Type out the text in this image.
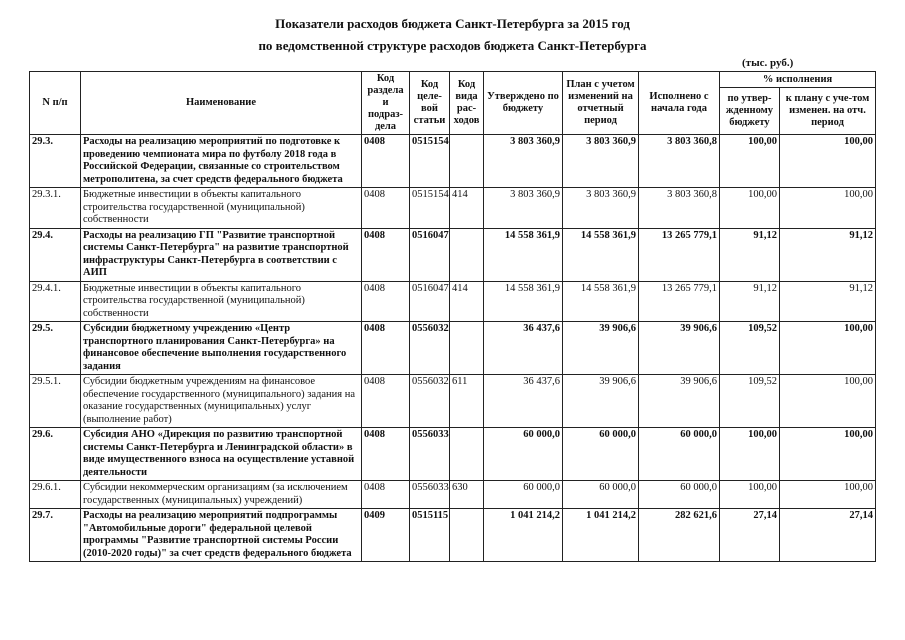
Показатели расходов бюджета Санкт-Петербурга за 2015 год
по ведомственной структуре расходов бюджета Санкт-Петербурга
(тыс. руб.)
N п/п	Наименование	Код раздела и подраз-дела	Код целе-вой статьи	Код вида рас-ходов	Утверждено по бюджету	План с учетом изменений на отчетный период	Исполнено с начала года	% исполнения	
								по утвер-жденному бюджету	к плану с уче-том изменен. на отч. период
29.3.	Расходы на реализацию мероприятий по подготовке к проведению чемпионата мира по футболу 2018 года в Российской Федерации, связанные со строительством метрополитена, за счет средств федерального бюджета	0408	0515154		3 803 360,9	3 803 360,9	3 803 360,8	100,00	100,00
29.3.1.	Бюджетные инвестиции в объекты капитального строительства государственной (муниципальной) собственности	0408	0515154	414	3 803 360,9	3 803 360,9	3 803 360,8	100,00	100,00
29.4.	Расходы на реализацию ГП "Развитие транспортной системы Санкт-Петербурга" на развитие транспортной инфраструктуры Санкт-Петербурга в соответствии с АИП	0408	0516047		14 558 361,9	14 558 361,9	13 265 779,1	91,12	91,12
29.4.1.	Бюджетные инвестиции в объекты капитального строительства государственной (муниципальной) собственности	0408	0516047	414	14 558 361,9	14 558 361,9	13 265 779,1	91,12	91,12
29.5.	Субсидии бюджетному учреждению «Центр транспортного планирования Санкт-Петербурга» на финансовое обеспечение выполнения государственного задания	0408	0556032		36 437,6	39 906,6	39 906,6	109,52	100,00
29.5.1.	Субсидии бюджетным учреждениям на финансовое обеспечение государственного (муниципального) задания на оказание государственных (муниципальных) услуг (выполнение работ)	0408	0556032	611	36 437,6	39 906,6	39 906,6	109,52	100,00
29.6.	Субсидия АНО «Дирекция по развитию транспортной системы Санкт-Петербурга и Ленинградской области» в виде имущественного взноса на осуществление уставной деятельности	0408	0556033		60 000,0	60 000,0	60 000,0	100,00	100,00
29.6.1.	Субсидии некоммерческим организациям (за исключением государственных (муниципальных) учреждений)	0408	0556033	630	60 000,0	60 000,0	60 000,0	100,00	100,00
29.7.	Расходы на реализацию мероприятий подпрограммы "Автомобильные дороги" федеральной целевой программы "Развитие транспортной системы России (2010-2020 годы)" за счет средств федерального бюджета	0409	0515115		1 041 214,2	1 041 214,2	282 621,6	27,14	27,14
